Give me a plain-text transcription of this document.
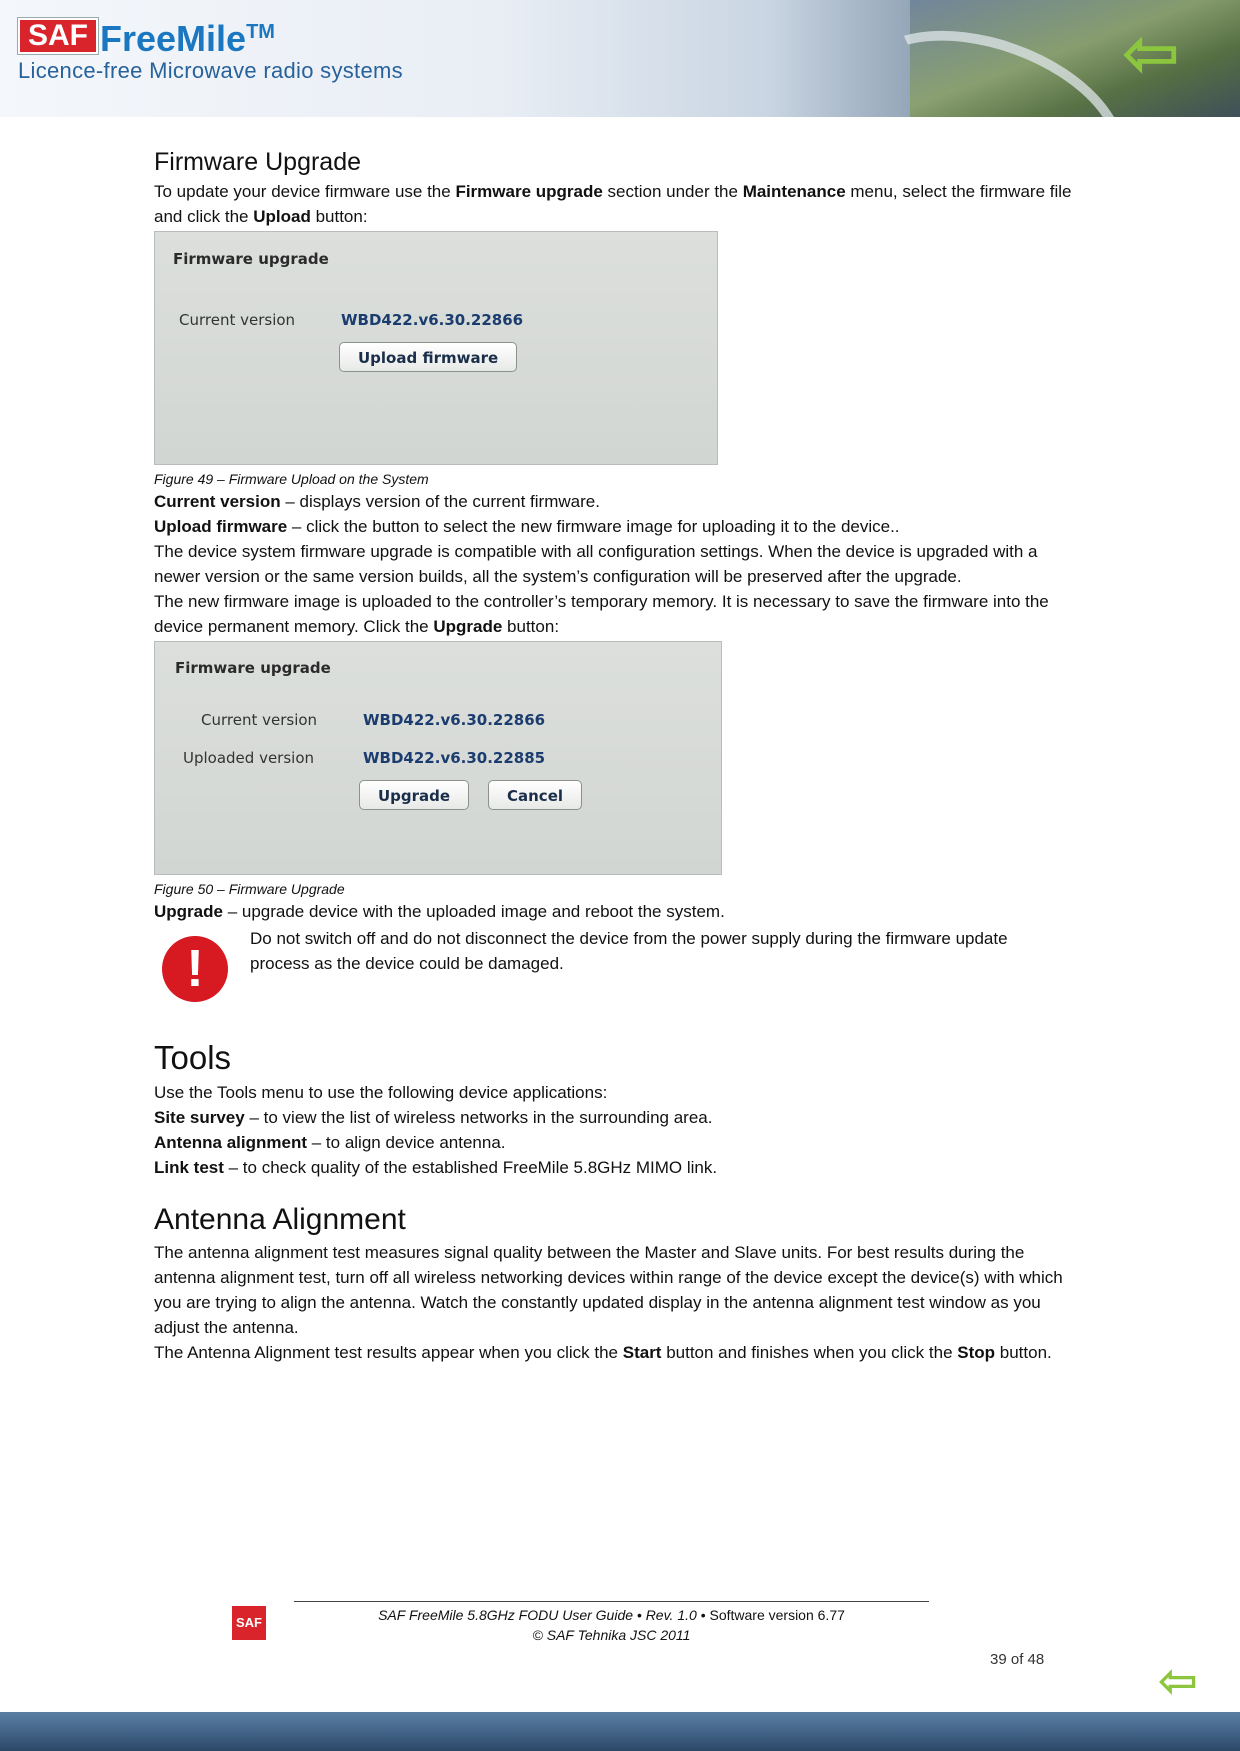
SAF FreeMile™
Licence-free Microwave radio systems	⇦
Firmware Upgrade

To update your device firmware use the Firmware upgrade section under the Maintenance menu, select the firmware file and click the Upload button:

Firmware upgrade
Current version	WBD422.v6.30.22866
Upload firmware

Figure 49 – Firmware Upload on the System

Current version – displays version of the current firmware.

Upload firmware – click the button to select the new firmware image for uploading it to the device..

The device system firmware upgrade is compatible with all configuration settings. When the device is upgraded with a newer version or the same version builds, all the system’s configuration will be preserved after the upgrade.

The new firmware image is uploaded to the controller’s temporary memory. It is necessary to save the firmware into the device permanent memory. Click the Upgrade button:

Firmware upgrade
Current version	WBD422.v6.30.22866
Uploaded version	WBD422.v6.30.22885
Upgrade	Cancel

Figure 50 – Firmware Upgrade

Upgrade – upgrade device with the uploaded image and reboot the system.

!

Do not switch off and do not disconnect the device from the power supply during the firmware update process as the device could be damaged.

Tools

Use the Tools menu to use the following device applications:

Site survey – to view the list of wireless networks in the surrounding area.

Antenna alignment – to align device antenna.

Link test – to check quality of the established FreeMile 5.8GHz MIMO link.

Antenna Alignment

The antenna alignment test measures signal quality between the Master and Slave units. For best results during the antenna alignment test, turn off all wireless networking devices within range of the device except the device(s) with which you are trying to align the antenna. Watch the constantly updated display in the antenna alignment test window as you adjust the antenna.

The Antenna Alignment test results appear when you click the Start button and finishes when you click the Stop button.

SAF	SAF FreeMile 5.8GHz FODU User Guide • Rev. 1.0 • Software version 6.77
© SAF Tehnika JSC 2011
39 of 48 ⇦
